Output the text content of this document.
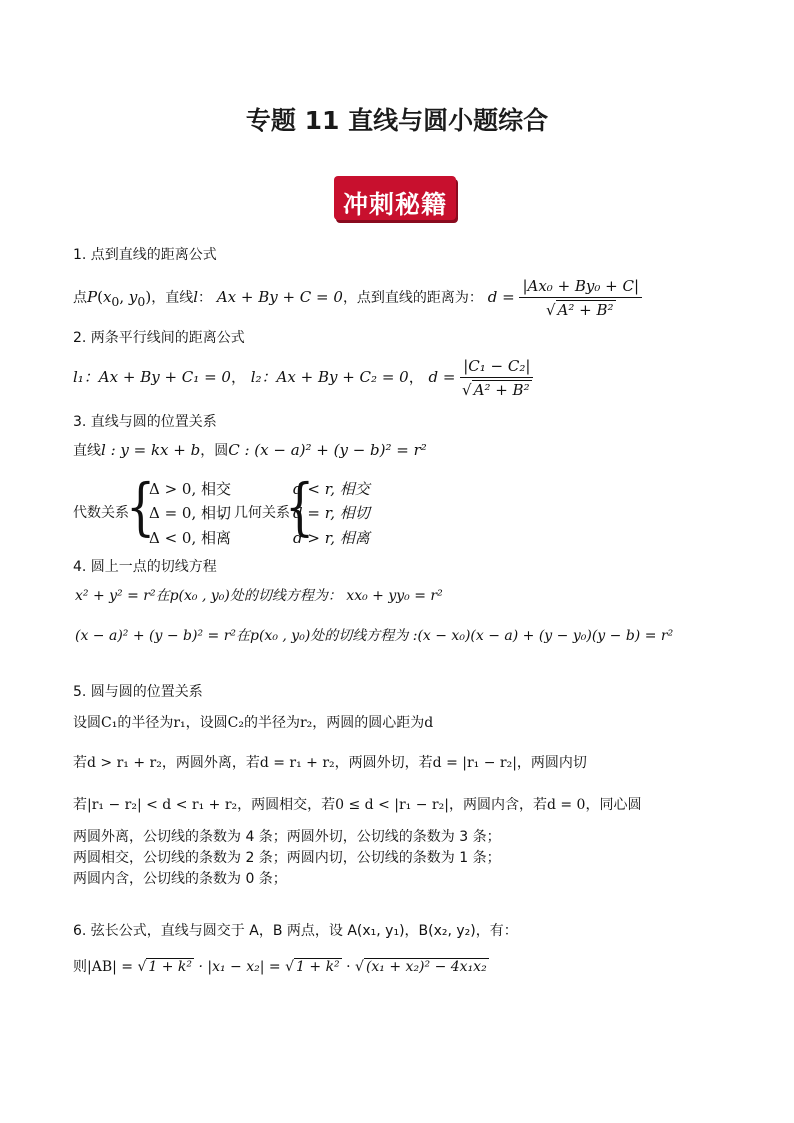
专题 11 直线与圆小题综合
冲刺秘籍
1. 点到直线的距离公式
点$P(x_0$, $y_0$)，直线l： Ax + By + C = 0，点到直线的距离为： $d = \frac{\text{|Ax₀ + By₀ + C|}}{\text{√ A² + B²}}$
2. 两条平行线间的距离公式
l₁：Ax + By + C₁ = 0， l₂：Ax + By + C₂ = 0， $d = \frac{\text{|C₁ − C₂|}}{\text{√ A² + B²}}$
3. 直线与圆的位置关系
直线l : y = kx + b，圆C : (x − a)² + (y − b)² = r²
代数关系
{
Δ > 0, 相交
Δ = 0, 相切
Δ < 0, 相离
，几何关系
{
d < r, 相交
d = r, 相切
d > r, 相离
4. 圆上一点的切线方程
x² + y² = r²在p(x₀ , y₀)处的切线方程为： xx₀ + yy₀ = r²
(x − a)² + (y − b)² = r²在p(x₀ , y₀)处的切线方程为 :(x − x₀)(x − a) + (y − y₀)(y − b) = r²
5. 圆与圆的位置关系
设圆C₁的半径为r₁，设圆C₂的半径为r₂，两圆的圆心距为d
若d > r₁ + r₂，两圆外离，若d = r₁ + r₂，两圆外切，若d = |r₁ − r₂|，两圆内切
若|r₁ − r₂| < d < r₁ + r₂，两圆相交，若0 ≤ d < |r₁ − r₂|，两圆内含，若d = 0，同心圆
两圆外离，公切线的条数为 4 条；两圆外切，公切线的条数为 3 条；
两圆相交，公切线的条数为 2 条；两圆内切，公切线的条数为 1 条；
两圆内含，公切线的条数为 0 条；
6. 弦长公式，直线与圆交于 A，B 两点，设 A(x₁, y₁)，B(x₂, y₂)，有：
则|AB| = √ 1 + k² · |x₁ − x₂| = √ 1 + k² · √ (x₁ + x₂)² − 4x₁x₂
